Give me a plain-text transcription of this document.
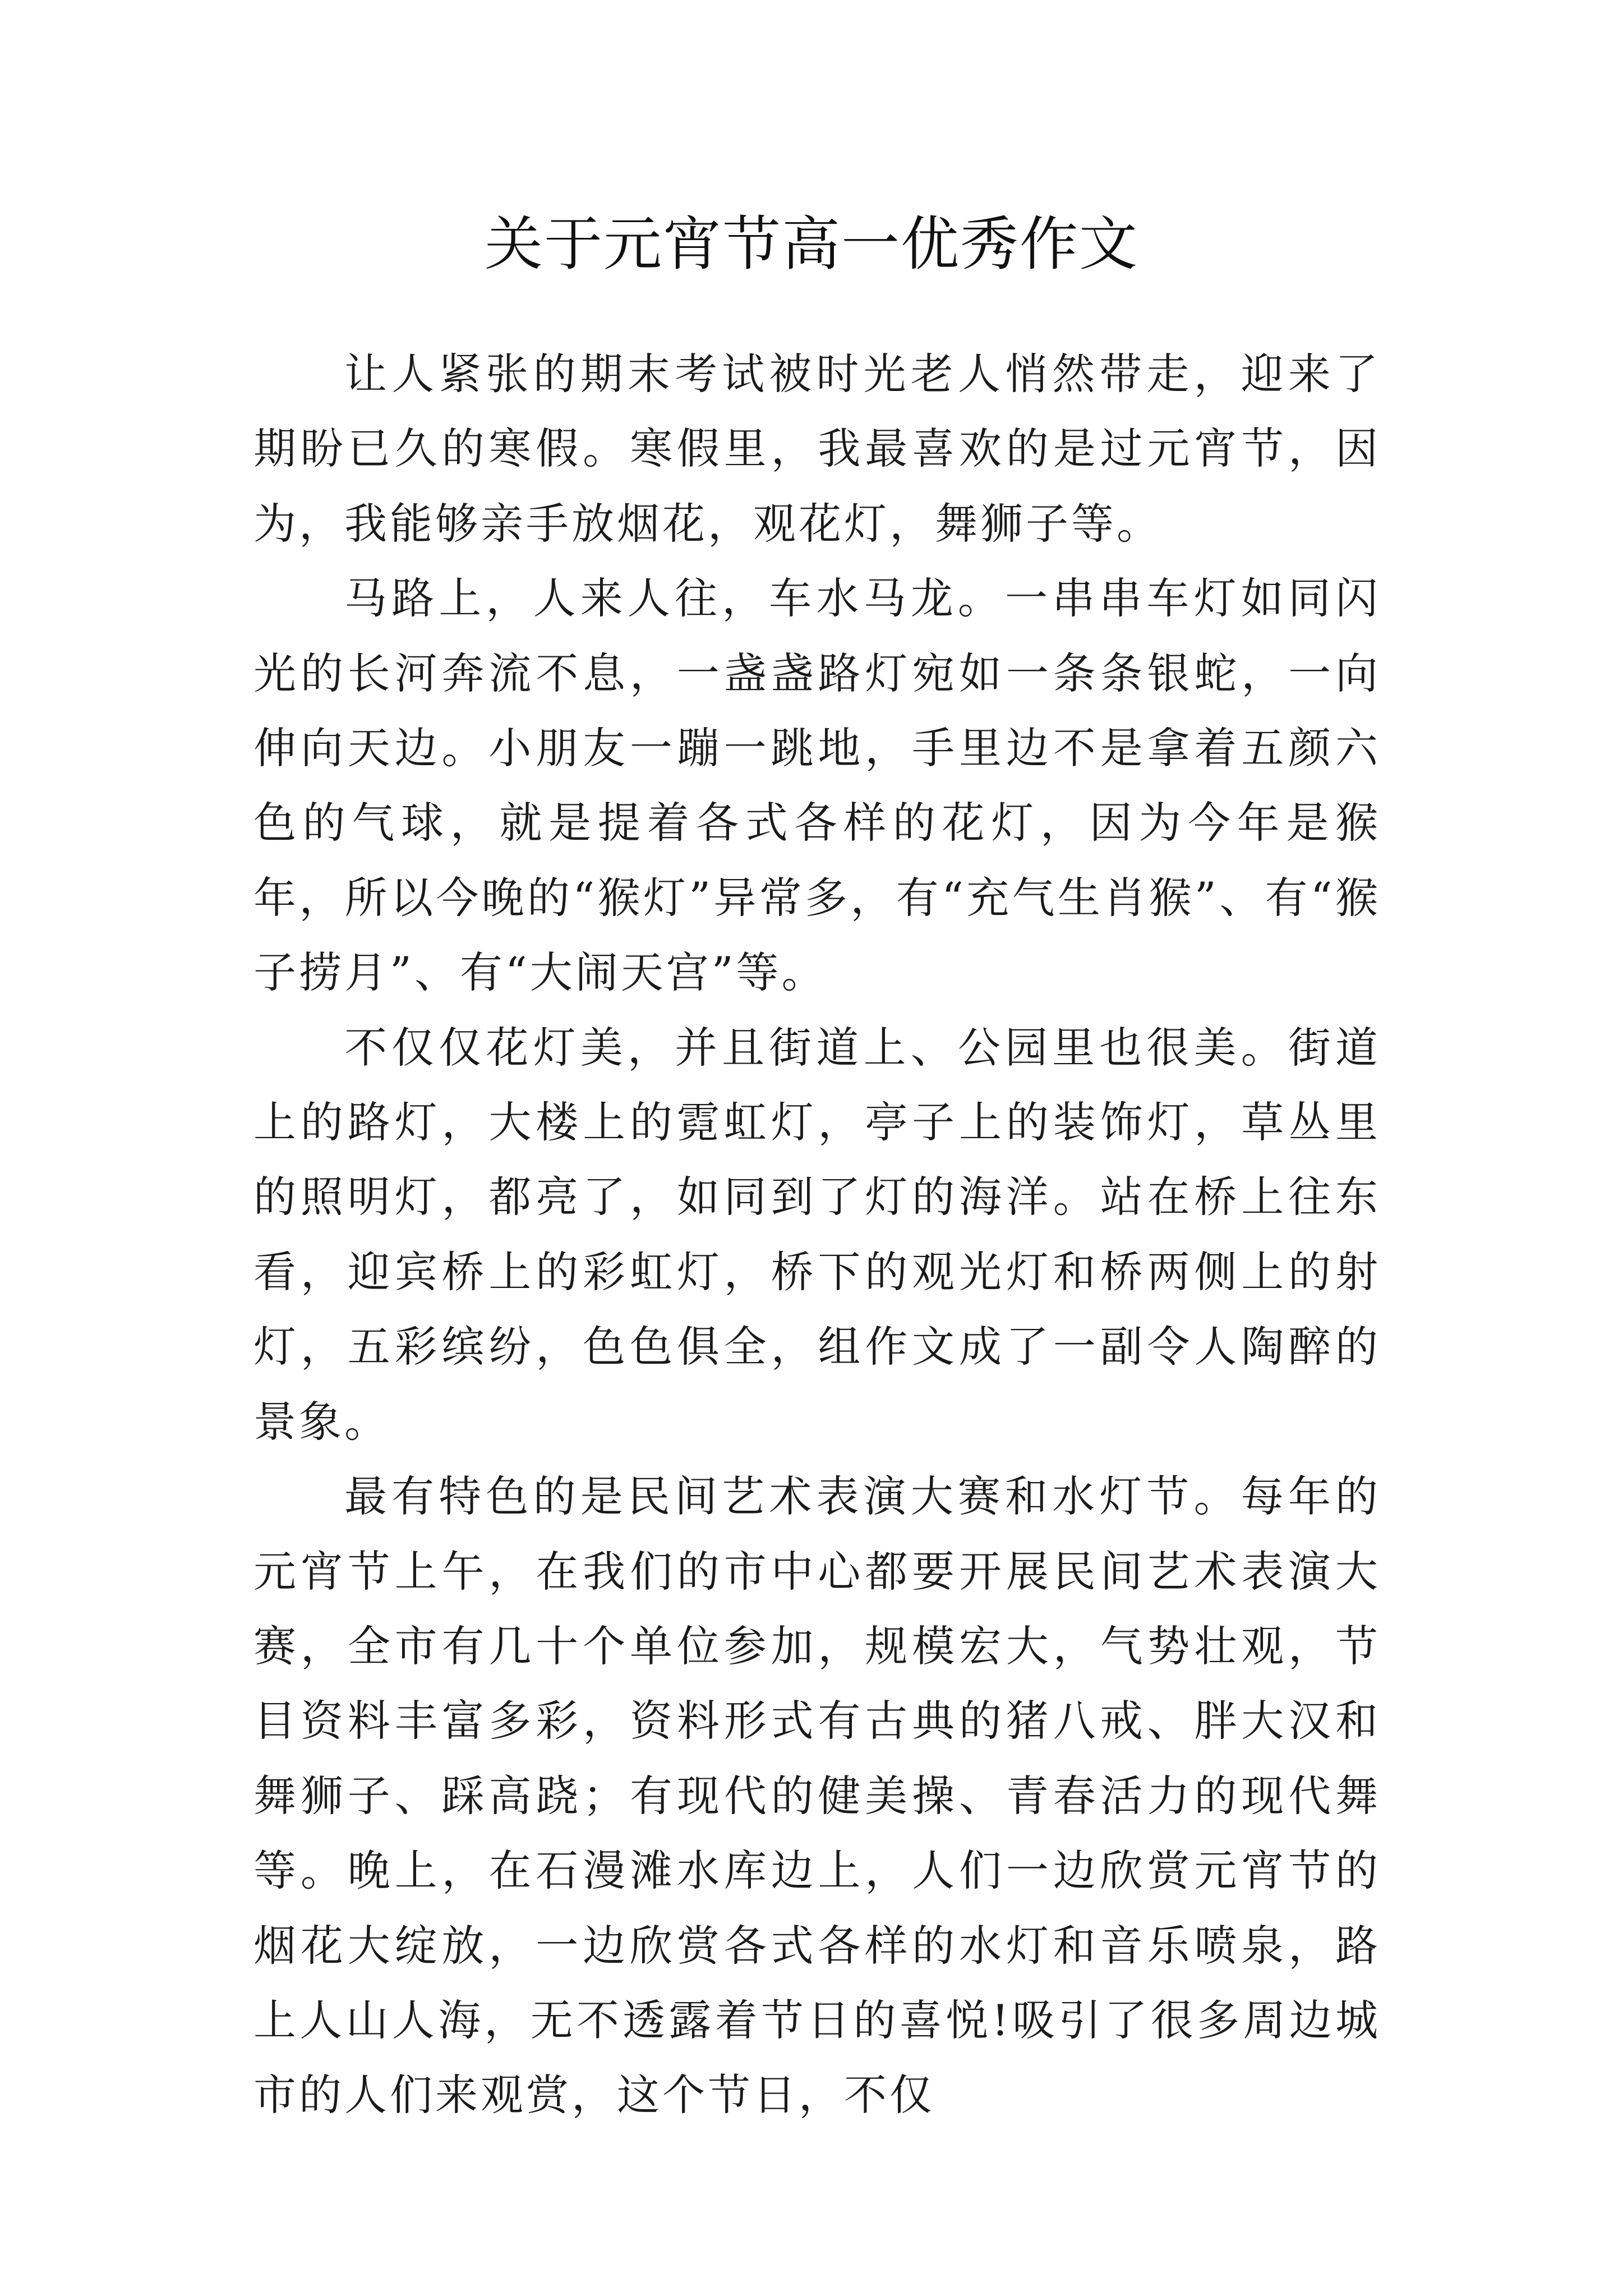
关于元宵节高一优秀作文

让人紧张的期末考试被时光老人悄然带走，迎来了期盼已久的寒假。寒假里，我最喜欢的是过元宵节，因为，我能够亲手放烟花，观花灯，舞狮子等。

马路上，人来人往，车水马龙。一串串车灯如同闪光的长河奔流不息，一盏盏路灯宛如一条条银蛇，一向伸向天边。小朋友一蹦一跳地，手里边不是拿着五颜六色的气球，就是提着各式各样的花灯，因为今年是猴年，所以今晚的“猴灯”异常多，有“充气生肖猴”、有“猴子捞月”、有“大闹天宫”等。

不仅仅花灯美，并且街道上、公园里也很美。街道上的路灯，大楼上的霓虹灯，亭子上的装饰灯，草丛里的照明灯，都亮了，如同到了灯的海洋。站在桥上往东看，迎宾桥上的彩虹灯，桥下的观光灯和桥两侧上的射灯，五彩缤纷，色色俱全，组作文成了一副令人陶醉的景象。

最有特色的是民间艺术表演大赛和水灯节。每年的元宵节上午，在我们的市中心都要开展民间艺术表演大赛，全市有几十个单位参加，规模宏大，气势壮观，节目资料丰富多彩，资料形式有古典的猪八戒、胖大汉和舞狮子、踩高跷；有现代的健美操、青春活力的现代舞等。晚上，在石漫滩水库边上，人们一边欣赏元宵节的烟花大绽放，一边欣赏各式各样的水灯和音乐喷泉，路上人山人海，无不透露着节日的喜悦!吸引了很多周边城市的人们来观赏，这个节日，不仅
